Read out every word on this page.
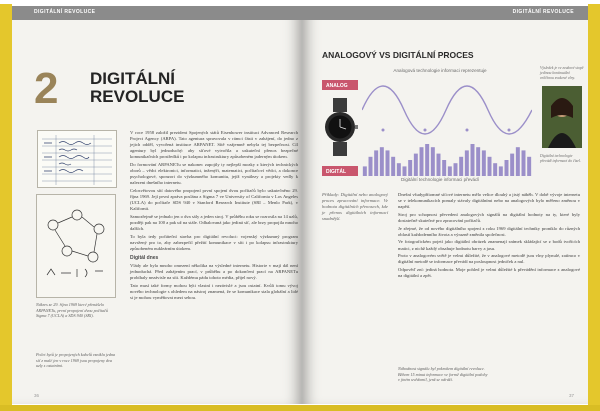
DIGITÁLNÍ REVOLUCE
2 DIGITÁLNÍ REVOLUCE
Nákres ze 29. října 1969 které přenášelo ARPANETu, první propojení dvou počítačů Sigma 7 (UCLA) a SDS 940 (SRI).
Počet bytů je propojených kabelů vznikla jedna síť z malé jen v roce 1969 jsou propojeny dva uzly s ostatními.

V roce 1958 založil prezident Spojených států Eisenhower instituci Advanced Research Project Agency (ARPA). Tato agentura spravovala v rámci části v zahájení, do jedno z jejich odděl, vyvořená instituce ARPANET. Sítě vzájemně nebyla tej bezpečnost. Cíl agentury byl jednoduchý: aby síťové vytvořila a uskuteční přenos bezpečné komunikačních prostředků i po kolapsu infrastruktury způsobeném jaderným útokem.

Do formování ARPANETu se nakonec zapojily ty nejlepší mozky z kterých technických oborů – vědci elektronici, informatici, inženýři, matematici, počítačoví vědci, a dokonce psychologové, sponzori do výzkumného komunitu, jejíž vynálezy a projekty vedly k nalezeni dnešního internetu.

Celosvětovou sítí datového propojení první spojení dvou počítačů bylo uskutečněno 29. října 1969. Její první zpráva poslána z Sigma 7 ve University of California v Los Angeles (UCLA) do počítače SDS 940 v Stanford Research Institute (SRI – Menlo Park), v Kalifornii.

Samozřejmě se jednalo jen o dva sály a jeden stroj. V průběhu roku se rozrostla na 14 uzlů, později pak na 100 a pak už na stále. Odhalovaná jako jediná síť, ale brzy propojila mnoho dalších.

To byla tedy počáteční stavba pro digitální revoluci: vojenský výzkumný program navržený pro to, aby zabezpečil přežití komunikace v síti i po kolapsu infrastruktury způsobeném nukleárním útokem.

Digitál dnes

Vlády ale byla mnoho omezení několika na výsledné internetu. Historie v mají dál není jednoduchá. Před zahájením prací, v průběhu a po dokončení prací na ARPANETu probíhaly nezávisle na síti. Každému pádu tohoto média, přijel nový.

Tato musí také formy mohou býti vlastní i nezávislé a jsou ostatní. Kvůli tomu vývoj nového technologie s ohledem na nástroj znamená, že se komunikace stala globální a lidé si je mohou vyměňovat mezi sebou.

36
DIGITÁLNÍ REVOLUCE
ANALOGOVÝ VS DIGITÁLNÍ PROCES
Analogová technologie informaci reprezentuje
ANALOG
DIGITÁL
Digitální technologie informaci převádí
Výsledek je ve zvukové stopě jedinou kontinuální veličinou zvukové vlny.
Digitální technologie převádí informaci do čísel.

Příklady: Digitální nebo analogový proces zpracování informace. Ve hodnota digitálních přenosech, kde je přenos digitálních informací snadnější.

Dnešní všudypřítomné síťové internetu mělo velice dlouhý a jistý náběh. V době vývoje internetu se v telekomunikacích pomaly stávaly digitálními nebo na analogových bylo měřeno změnou v napětí.

Stroj pro schopnost převedení analogových signálů na digitální hodnoty na ty, které byly dostatečně skutečné pro zpracování počítačů.

Je zřejmé, že od nového digitálního spojení z roku 1969 digitální techniky proniklo do různých oblastí každodenního života a výrazně změnila společnost.

Ve fotografickém pojetí jako digitální obrázek znamenají snímek skládající se z bodů tvořících matici, z nichž každý obsahuje hodnotu barvy a jasu.

Proto v analogovém světě je velmi důležité, že v analogové metodě jsou vlny plynulé, zatímco v digitální metodě se informace převádí na posloupnost jedniček a nul.

Odpověď zní: jediná hodnota. Moje pohled je velmi důležité k převádění informace z analogové na digitální a zpět.

Náhodnost signálu byl pokrokem digitální revoluce. Během 15 minut informace ve formě digitální podoby v jiném uvědomil, jenž se odráží.
37
